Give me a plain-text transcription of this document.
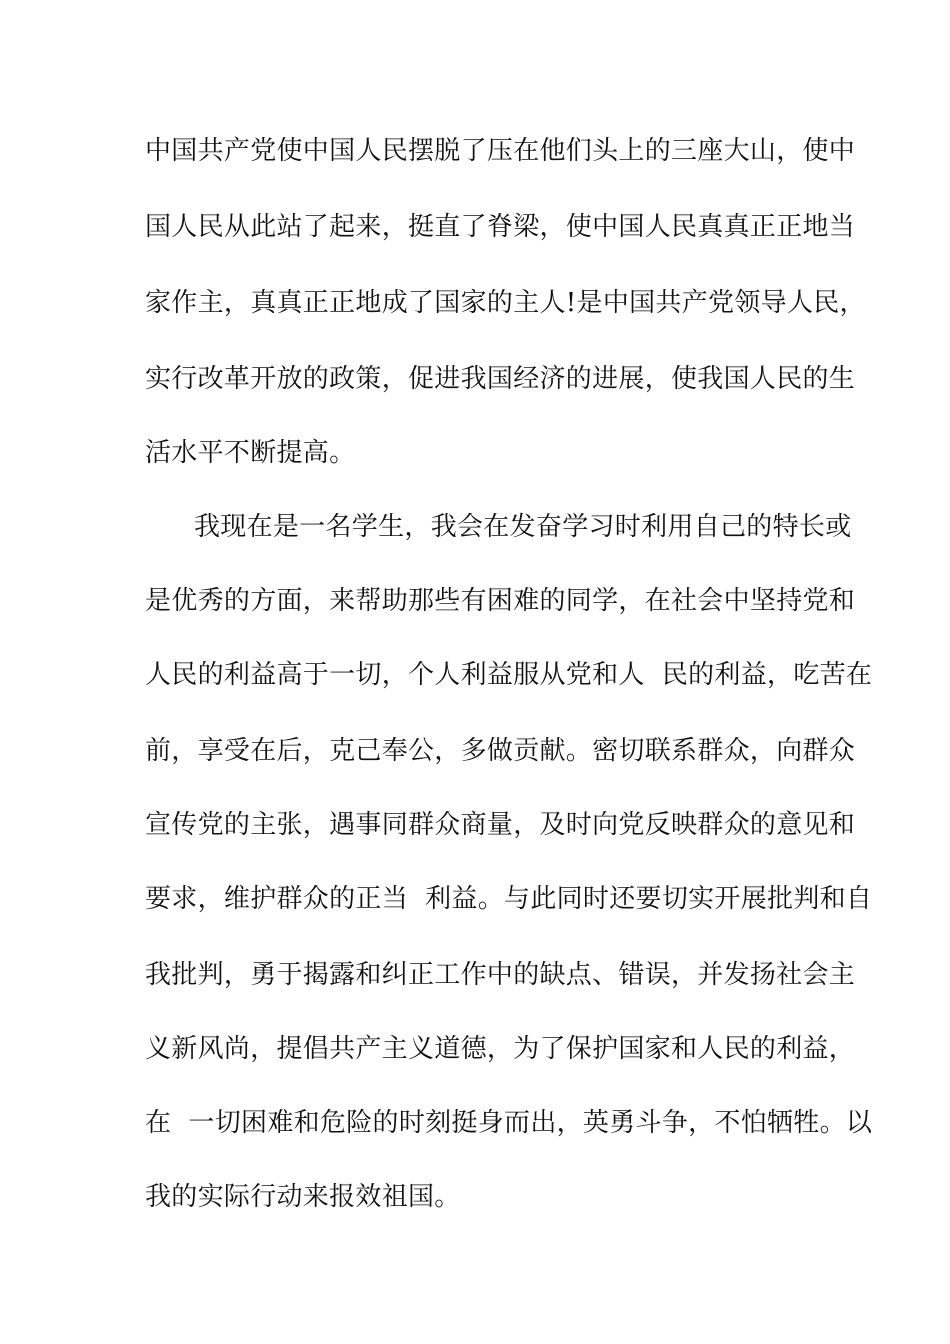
中国共产党使中国人民摆脱了压在他们头上的三座大山，使中
国人民从此站了起来，挺直了脊梁，使中国人民真真正正地当
家作主，真真正正地成了国家的主人!是中国共产党领导人民，
实行改革开放的政策，促进我国经济的进展，使我国人民的生
活水平不断提高。
我现在是一名学生，我会在发奋学习时利用自己的特长或
是优秀的方面，来帮助那些有困难的同学，在社会中坚持党和
人民的利益高于一切，个人利益服从党和人  民的利益，吃苦在
前，享受在后，克己奉公，多做贡献。密切联系群众，向群众
宣传党的主张，遇事同群众商量，及时向党反映群众的意见和
要求，维护群众的正当  利益。与此同时还要切实开展批判和自
我批判，勇于揭露和纠正工作中的缺点、错误，并发扬社会主
义新风尚，提倡共产主义道德，为了保护国家和人民的利益，
在  一切困难和危险的时刻挺身而出，英勇斗争，不怕牺牲。以
我的实际行动来报效祖国。
